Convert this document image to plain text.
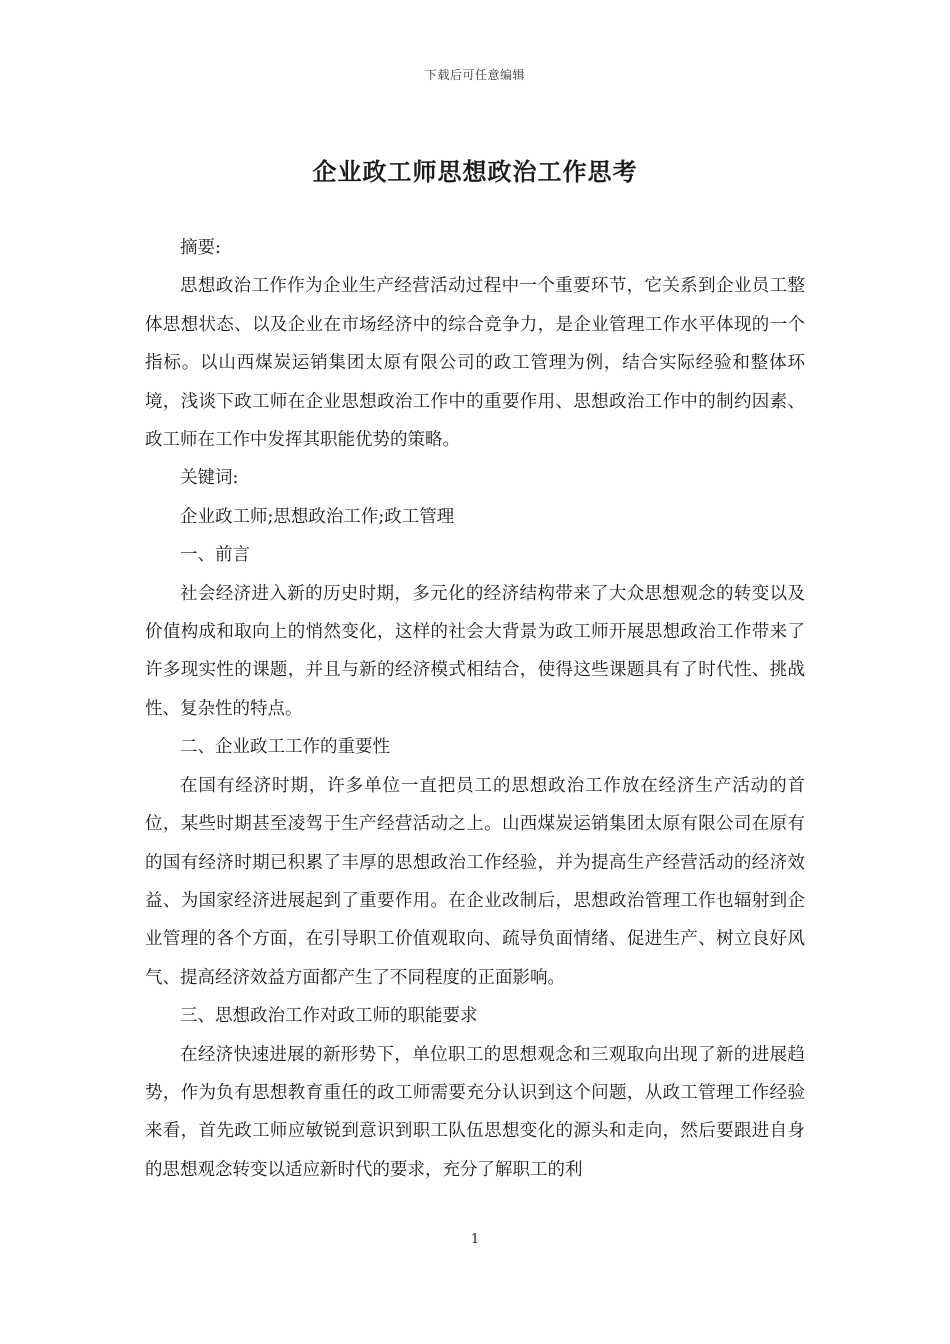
下载后可任意编辑
企业政工师思想政治工作思考

摘要:

思想政治工作作为企业生产经营活动过程中一个重要环节，它关系到企业员工整体思想状态、以及企业在市场经济中的综合竞争力，是企业管理工作水平体现的一个指标。以山西煤炭运销集团太原有限公司的政工管理为例，结合实际经验和整体环境，浅谈下政工师在企业思想政治工作中的重要作用、思想政治工作中的制约因素、政工师在工作中发挥其职能优势的策略。

关键词:

企业政工师;思想政治工作;政工管理

一、前言

社会经济进入新的历史时期，多元化的经济结构带来了大众思想观念的转变以及价值构成和取向上的悄然变化，这样的社会大背景为政工师开展思想政治工作带来了许多现实性的课题，并且与新的经济模式相结合，使得这些课题具有了时代性、挑战性、复杂性的特点。

二、企业政工工作的重要性

在国有经济时期，许多单位一直把员工的思想政治工作放在经济生产活动的首位，某些时期甚至凌驾于生产经营活动之上。山西煤炭运销集团太原有限公司在原有的国有经济时期已积累了丰厚的思想政治工作经验，并为提高生产经营活动的经济效益、为国家经济进展起到了重要作用。在企业改制后，思想政治管理工作也辐射到企业管理的各个方面，在引导职工价值观取向、疏导负面情绪、促进生产、树立良好风气、提高经济效益方面都产生了不同程度的正面影响。

三、思想政治工作对政工师的职能要求

在经济快速进展的新形势下，单位职工的思想观念和三观取向出现了新的进展趋势，作为负有思想教育重任的政工师需要充分认识到这个问题，从政工管理工作经验来看，首先政工师应敏锐到意识到职工队伍思想变化的源头和走向，然后要跟进自身的思想观念转变以适应新时代的要求，充分了解职工的利

1
